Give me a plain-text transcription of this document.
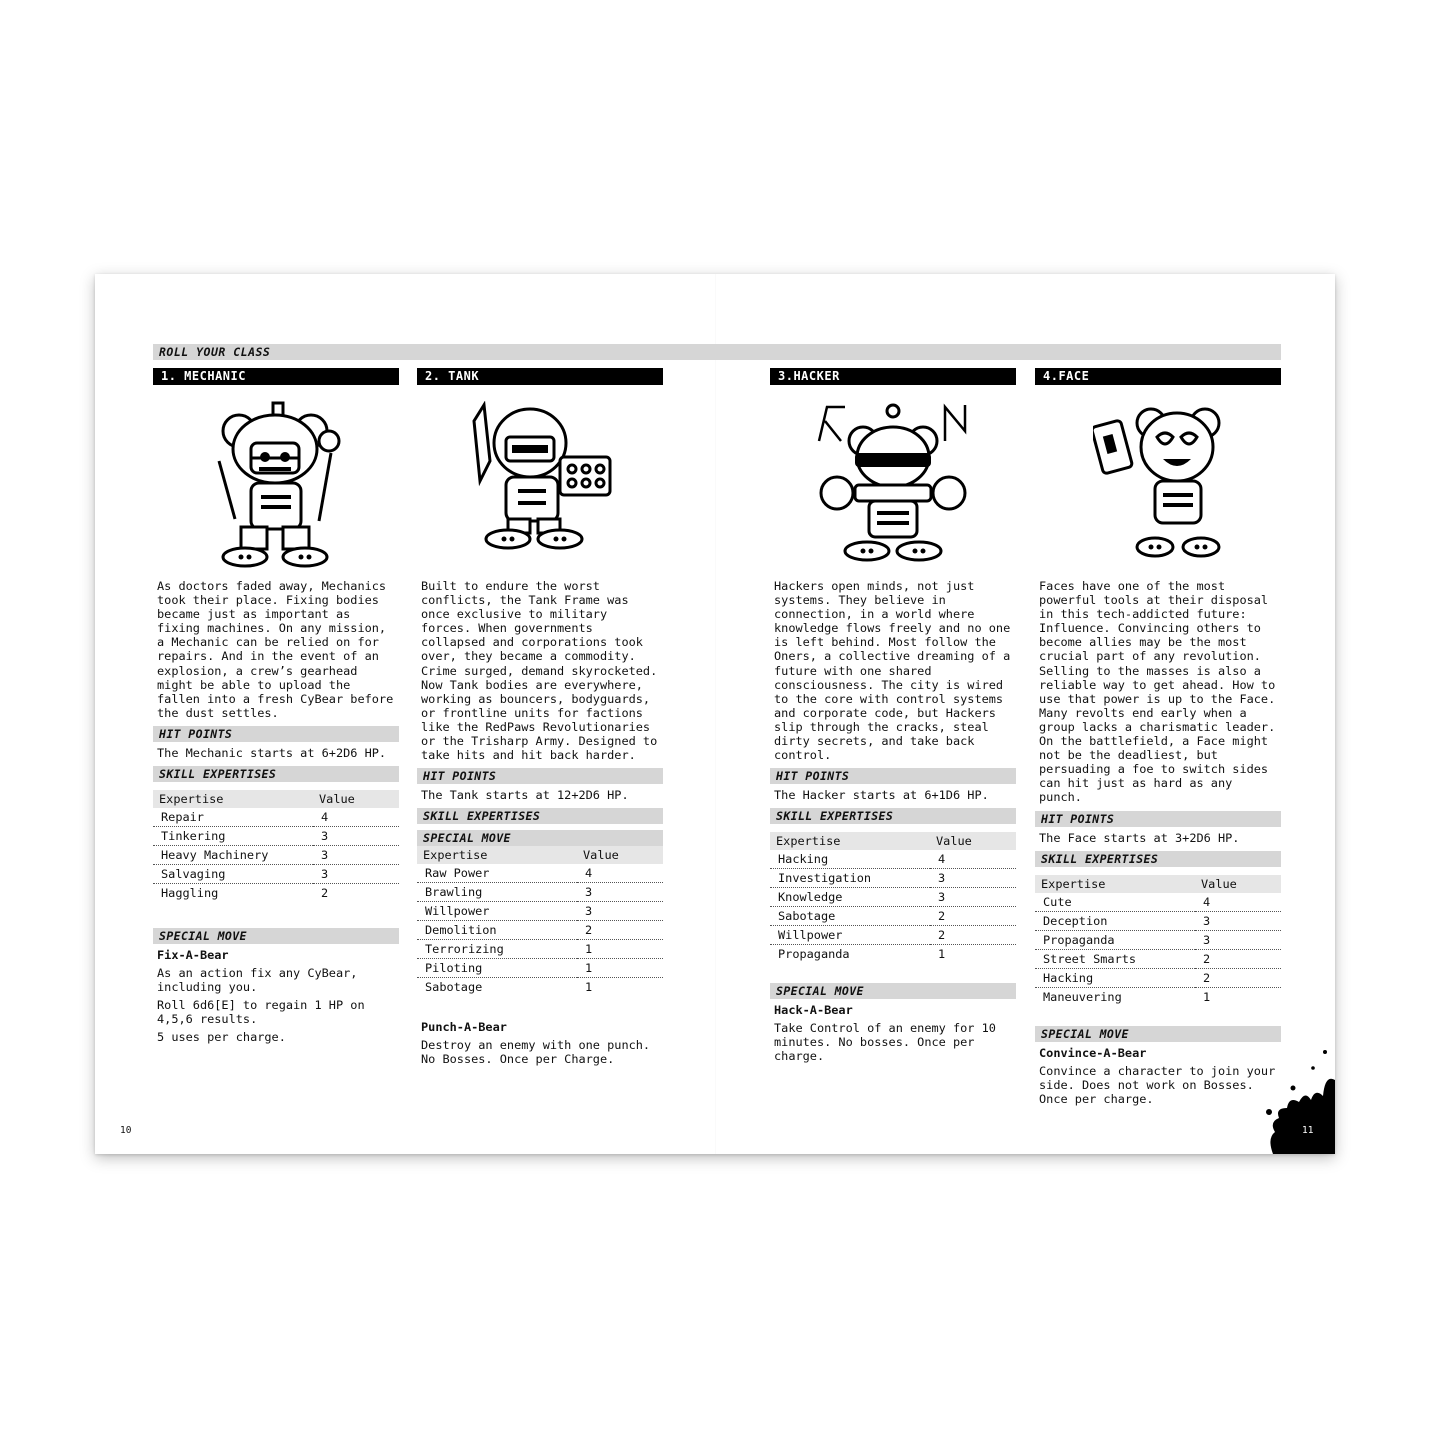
ROLL YOUR CLASS
1. MECHANIC
As doctors faded away, Mechanics took their place. Fixing bodies became just as important as fixing machines. On any mission, a Mechanic can be relied on for repairs. And in the event of an explosion, a crew’s gearhead might be able to upload the fallen into a fresh CyBear before the dust settles.
HIT POINTS
The Mechanic starts at 6+2D6 HP.
SKILL EXPERTISES
Expertise	Value
Repair	4
Tinkering	3
Heavy Machinery	3
Salvaging	3
Haggling	2
SPECIAL MOVE
Fix-A-Bear
As an action fix any CyBear, including you.
Roll 6d6[E] to regain 1 HP on 4,5,6 results.
5 uses per charge.
2. TANK
Built to endure the worst conflicts, the Tank Frame was once exclusive to military forces. When governments collapsed and corporations took over, they became a commodity. Crime surged, demand skyrocketed. Now Tank bodies are everywhere, working as bouncers, bodyguards, or frontline units for factions like the RedPaws Revolutionaries or the Trisharp Army. Designed to take hits and hit back harder.
HIT POINTS
The Tank starts at 12+2D6 HP.
SKILL EXPERTISES
SPECIAL MOVE
Expertise	Value
Raw Power	4
Brawling	3
Willpower	3
Demolition	2
Terrorizing	1
Piloting	1
Sabotage	1
Punch-A-Bear
Destroy an enemy with one punch. No Bosses. Once per Charge.
3.HACKER
Hackers open minds, not just systems. They believe in connection, in a world where knowledge flows freely and no one is left behind. Most follow the Oners, a collective dreaming of a future with one shared consciousness. The city is wired to the core with control systems and corporate code, but Hackers slip through the cracks, steal dirty secrets, and take back control.
HIT POINTS
The Hacker starts at 6+1D6 HP.
SKILL EXPERTISES
Expertise	Value
Hacking	4
Investigation	3
Knowledge	3
Sabotage	2
Willpower	2
Propaganda	1
SPECIAL MOVE
Hack-A-Bear
Take Control of an enemy for 10 minutes. No bosses. Once per charge.
4.FACE
Faces have one of the most powerful tools at their disposal in this tech-addicted future: Influence. Convincing others to become allies may be the most crucial part of any revolution. Selling to the masses is also a reliable way to get ahead. How to use that power is up to the Face. Many revolts end early when a group lacks a charismatic leader. On the battlefield, a Face might not be the deadliest, but persuading a foe to switch sides can hit just as hard as any punch.
HIT POINTS
The Face starts at 3+2D6 HP.
SKILL EXPERTISES
Expertise	Value
Cute	4
Deception	3
Propaganda	3
Street Smarts	2
Hacking	2
Maneuvering	1
SPECIAL MOVE
Convince-A-Bear
Convince a character to join your side. Does not work on Bosses. Once per charge.
10	11
